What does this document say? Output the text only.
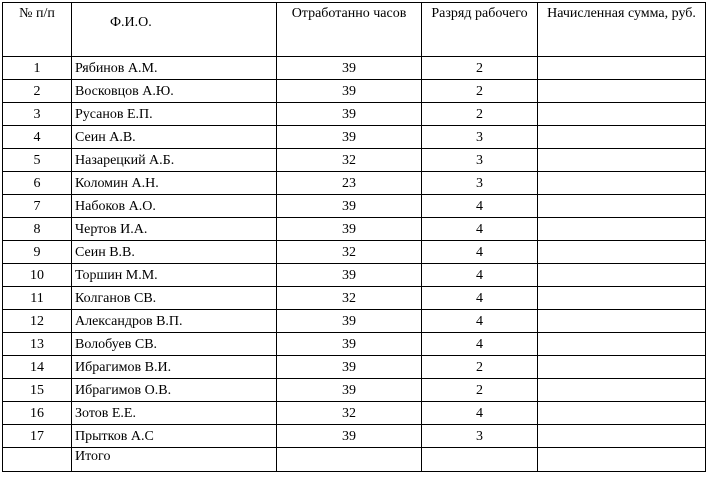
№ п/п	Ф.И.О.	Отработанно часов	Разряд рабочего	Начисленная сумма, руб.
1	Рябинов А.М.	39	2	
2	Восковцов А.Ю.	39	2	
3	Русанов Е.П.	39	2	
4	Сеин А.В.	39	3	
5	Назарецкий А.Б.	32	3	
6	Коломин А.Н.	23	3	
7	Набоков А.О.	39	4	
8	Чертов И.А.	39	4	
9	Сеин В.В.	32	4	
10	Торшин М.М.	39	4	
11	Колганов СВ.	32	4	
12	Александров В.П.	39	4	
13	Волобуев СВ.	39	4	
14	Ибрагимов В.И.	39	2	
15	Ибрагимов О.В.	39	2	
16	Зотов Е.Е.	32	4	
17	Прытков А.С	39	3	
	Итого			
